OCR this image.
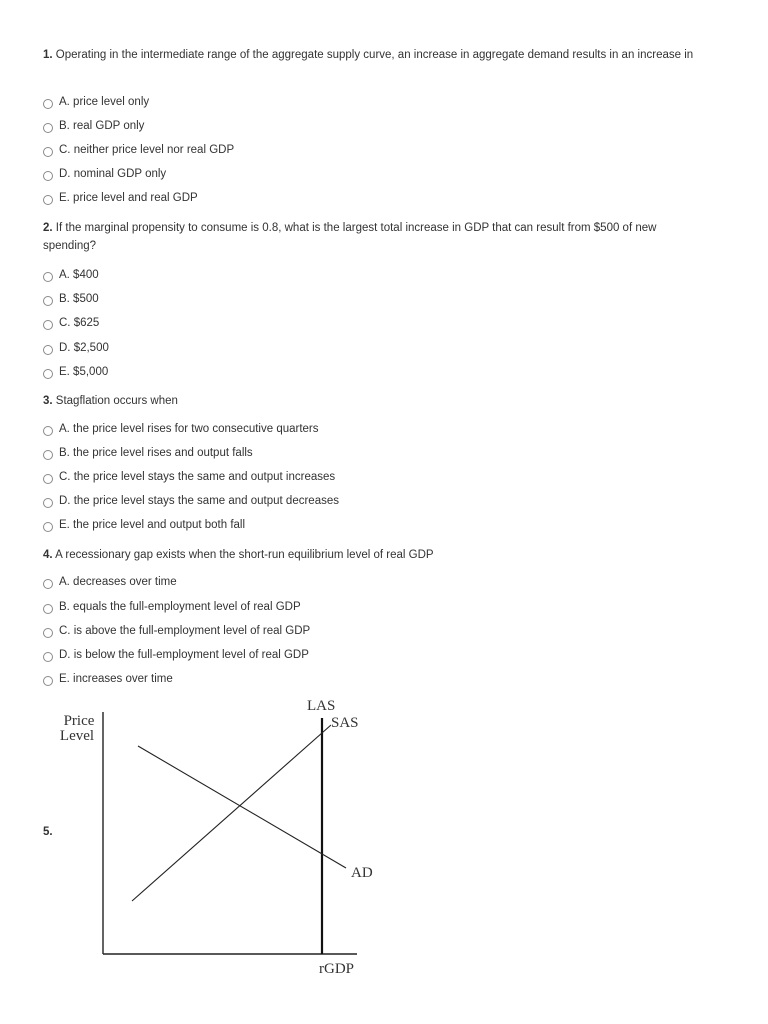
1. Operating in the intermediate range of the aggregate supply curve, an increase in aggregate demand results in an increase in
A. price level only
B. real GDP only
C. neither price level nor real GDP
D. nominal GDP only
E. price level and real GDP
2. If the marginal propensity to consume is 0.8, what is the largest total increase in GDP that can result from $500 of new spending?
A. $400
B. $500
C. $625
D. $2,500
E. $5,000
3. Stagflation occurs when
A. the price level rises for two consecutive quarters
B. the price level rises and output falls
C. the price level stays the same and output increases
D. the price level stays the same and output decreases
E. the price level and output both fall
4. A recessionary gap exists when the short-run equilibrium level of real GDP
A. decreases over time
B. equals the full-employment level of real GDP
C. is above the full-employment level of real GDP
D. is below the full-employment level of real GDP
E. increases over time
5.
Price
Level
LAS
SAS
AD
rGDP
